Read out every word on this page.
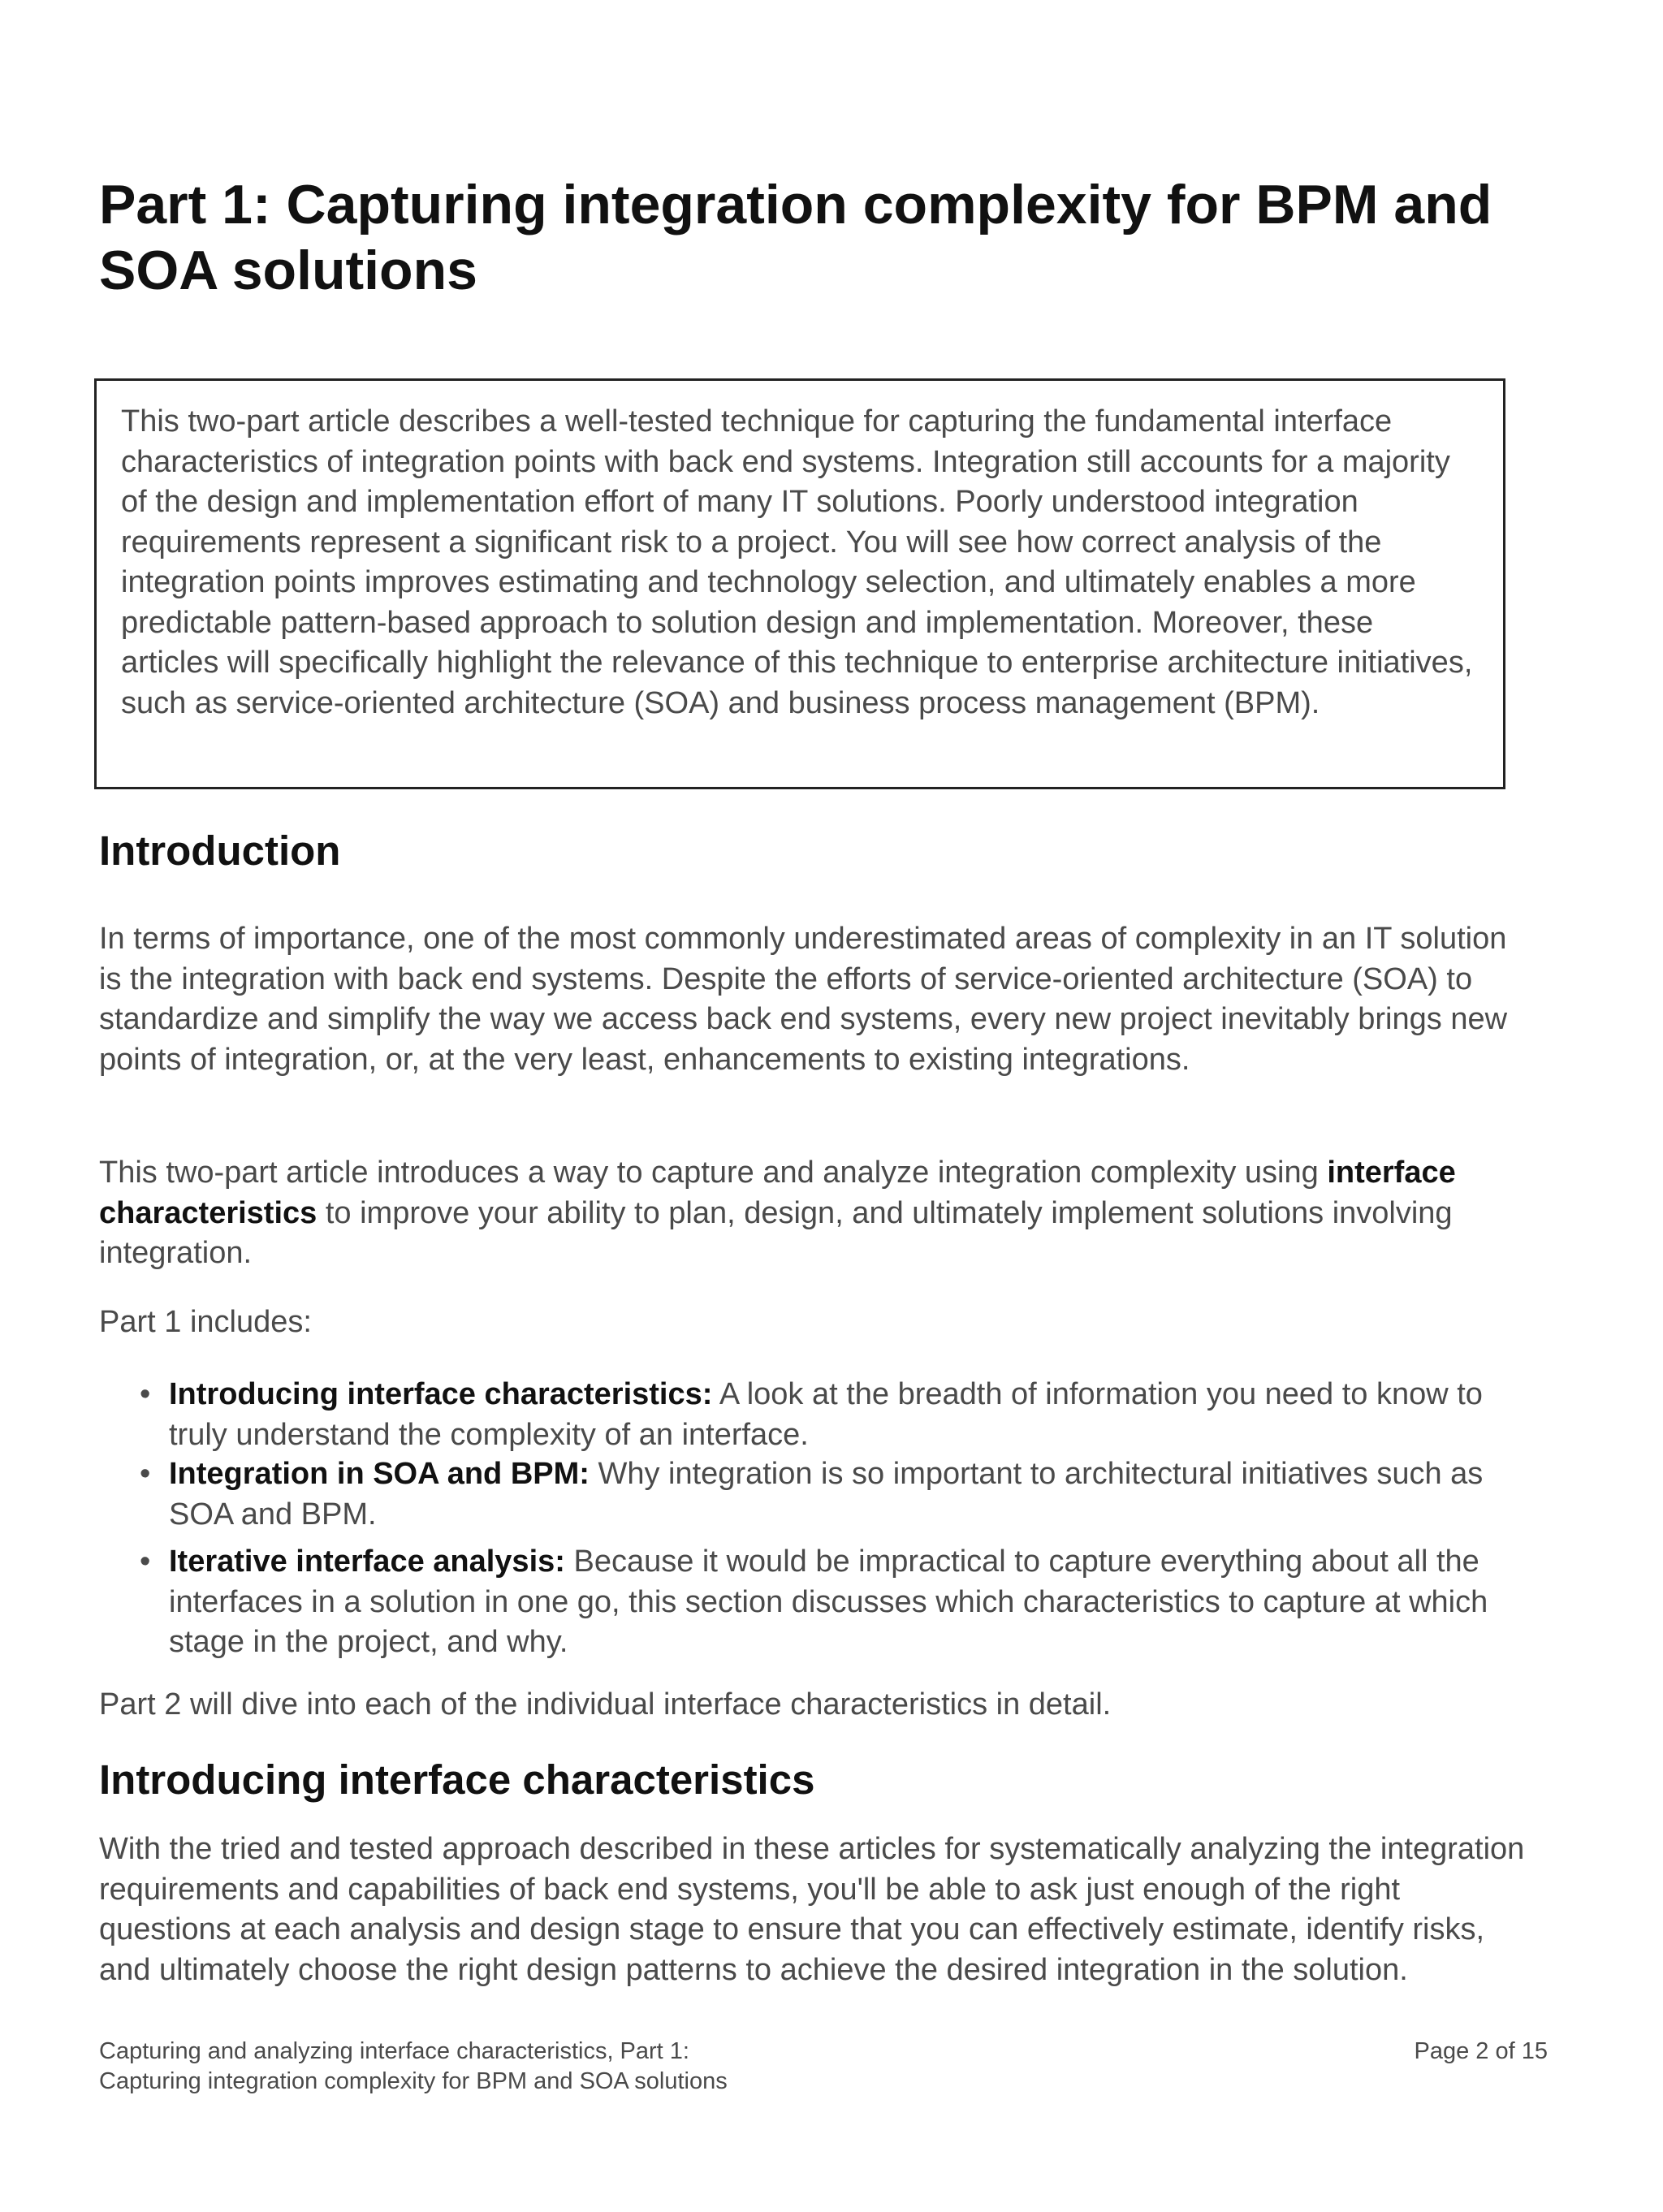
Part 1: Capturing integration complexity for BPM and SOA solutions

This two-part article describes a well-tested technique for capturing the fundamental interface characteristics of integration points with back end systems. Integration still accounts for a majority of the design and implementation effort of many IT solutions. Poorly understood integration requirements represent a significant risk to a project. You will see how correct analysis of the integration points improves estimating and technology selection, and ultimately enables a more predictable pattern-based approach to solution design and implementation. Moreover, these articles will specifically highlight the relevance of this technique to enterprise architecture initiatives, such as service-oriented architecture (SOA) and business process management (BPM).

Introduction

In terms of importance, one of the most commonly underestimated areas of complexity in an IT solution is the integration with back end systems. Despite the efforts of service-oriented architecture (SOA) to standardize and simplify the way we access back end systems, every new project inevitably brings new points of integration, or, at the very least, enhancements to existing integrations.

This two-part article introduces a way to capture and analyze integration complexity using interface characteristics to improve your ability to plan, design, and ultimately implement solutions involving integration.

Part 1 includes:

• Introducing interface characteristics: A look at the breadth of information you need to know to truly understand the complexity of an interface.

• Integration in SOA and BPM: Why integration is so important to architectural initiatives such as SOA and BPM.

• Iterative interface analysis: Because it would be impractical to capture everything about all the interfaces in a solution in one go, this section discusses which characteristics to capture at which stage in the project, and why.

Part 2 will dive into each of the individual interface characteristics in detail.

Introducing interface characteristics

With the tried and tested approach described in these articles for systematically analyzing the integration requirements and capabilities of back end systems, you'll be able to ask just enough of the right questions at each analysis and design stage to ensure that you can effectively estimate, identify risks, and ultimately choose the right design patterns to achieve the desired integration in the solution.

Capturing and analyzing interface characteristics, Part 1:
Capturing integration complexity for BPM and SOA solutions
Page 2 of 15
